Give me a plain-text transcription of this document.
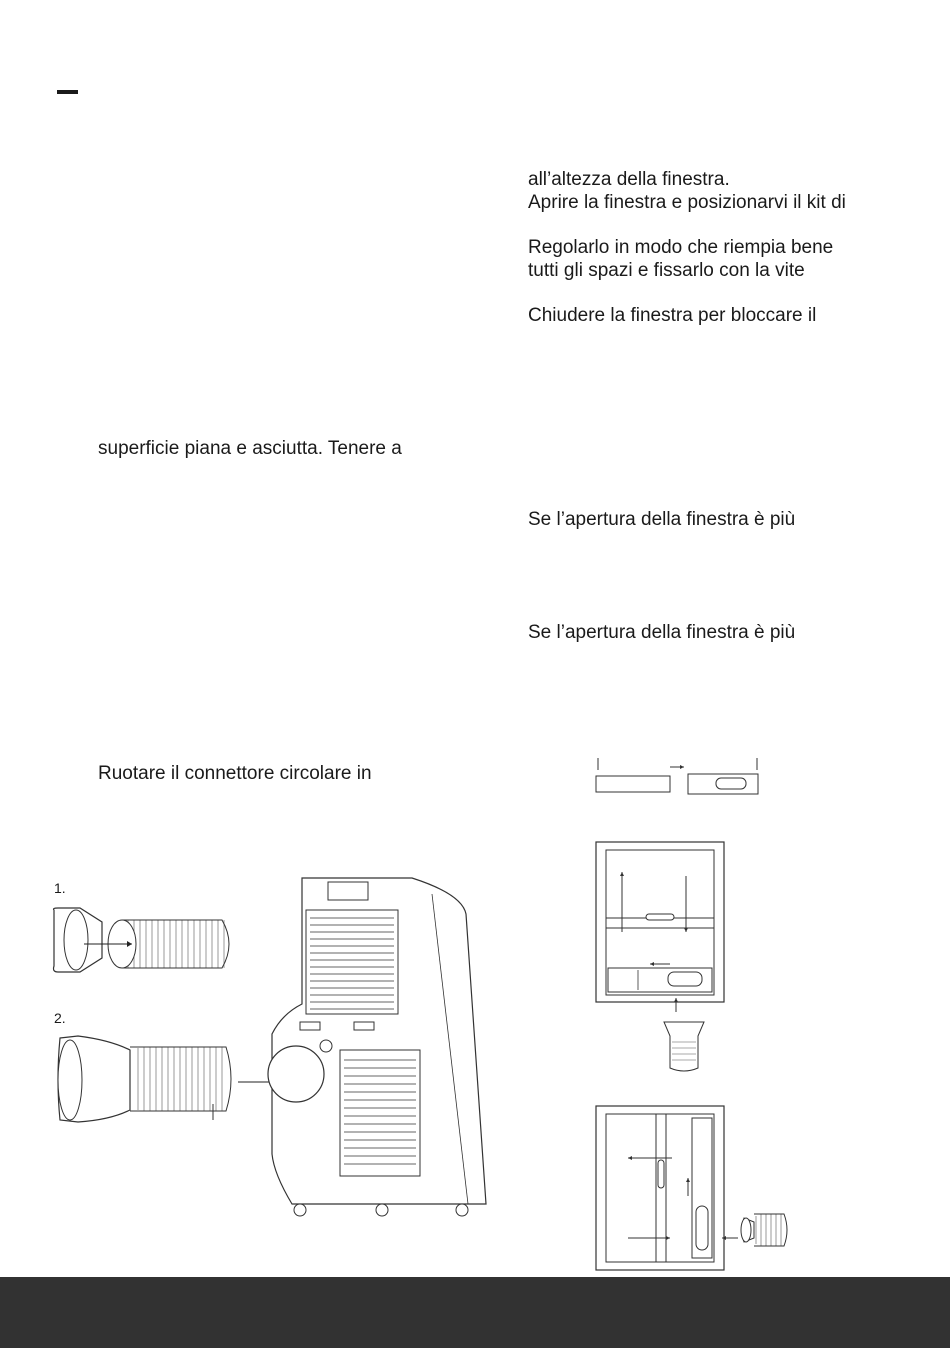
all’altezza della finestra.
Aprire la finestra e posizionarvi il kit di
Regolarlo in modo che riempia bene
tutti gli spazi e fissarlo con la vite
Chiudere la finestra per bloccare il
Se l’apertura della finestra è più
Se l’apertura della finestra è più
superficie piana e asciutta. Tenere a
Ruotare il connettore circolare in
1.
2.
